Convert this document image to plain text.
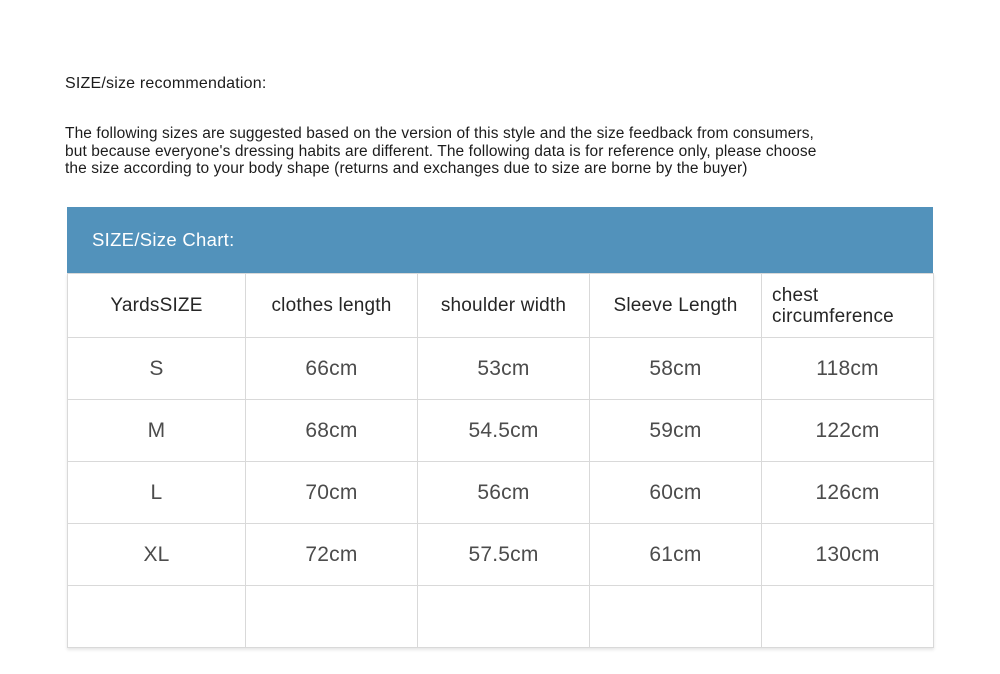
SIZE/size recommendation:
The following sizes are suggested based on the version of this style and the size feedback from consumers,
but because everyone's dressing habits are different. The following data is for reference only, please choose
the size according to your body shape (returns and exchanges due to size are borne by the buyer)
SIZE/Size Chart:
YardsSIZE	clothes length	shoulder width	Sleeve Length	chest circumference
S	66cm	53cm	58cm	118cm
M	68cm	54.5cm	59cm	122cm
L	70cm	56cm	60cm	126cm
XL	72cm	57.5cm	61cm	130cm
